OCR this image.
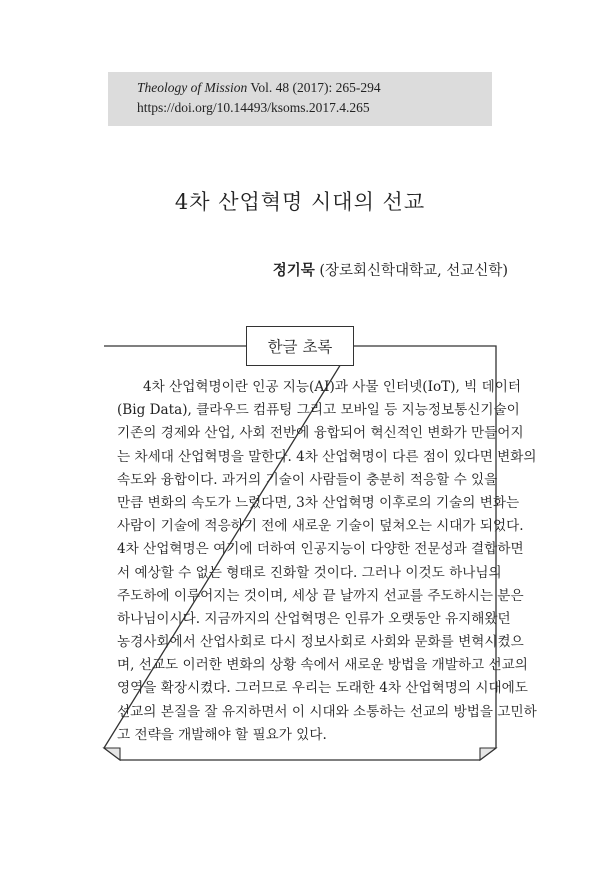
Theology of Mission Vol. 48 (2017): 265-294
https://doi.org/10.14493/ksoms.2017.4.265
4차 산업혁명 시대의 선교
정기묵 (장로회신학대학교, 선교신학)
한글 초록
4차 산업혁명이란 인공 지능(AI)과 사물 인터넷(IoT), 빅 데이터
(Big Data), 클라우드 컴퓨팅 그리고 모바일 등 지능정보통신기술이
기존의 경제와 산업, 사회 전반에 융합되어 혁신적인 변화가 만들어지
는 차세대 산업혁명을 말한다. 4차 산업혁명이 다른 점이 있다면 변화의
속도와 융합이다. 과거의 기술이 사람들이 충분히 적응할 수 있을
만큼 변화의 속도가 느렸다면, 3차 산업혁명 이후로의 기술의 변화는
사람이 기술에 적응하기 전에 새로운 기술이 덮쳐오는 시대가 되었다.
4차 산업혁명은 여기에 더하여 인공지능이 다양한 전문성과 결합하면
서 예상할 수 없는 형태로 진화할 것이다. 그러나 이것도 하나님의
주도하에 이루어지는 것이며, 세상 끝 날까지 선교를 주도하시는 분은
하나님이시다. 지금까지의 산업혁명은 인류가 오랫동안 유지해왔던
농경사회에서 산업사회로 다시 정보사회로 사회와 문화를 변혁시켰으
며, 선교도 이러한 변화의 상황 속에서 새로운 방법을 개발하고 선교의
영역을 확장시켰다. 그러므로 우리는 도래한 4차 산업혁명의 시대에도
선교의 본질을 잘 유지하면서 이 시대와 소통하는 선교의 방법을 고민하
고 전략을 개발해야 할 필요가 있다.
